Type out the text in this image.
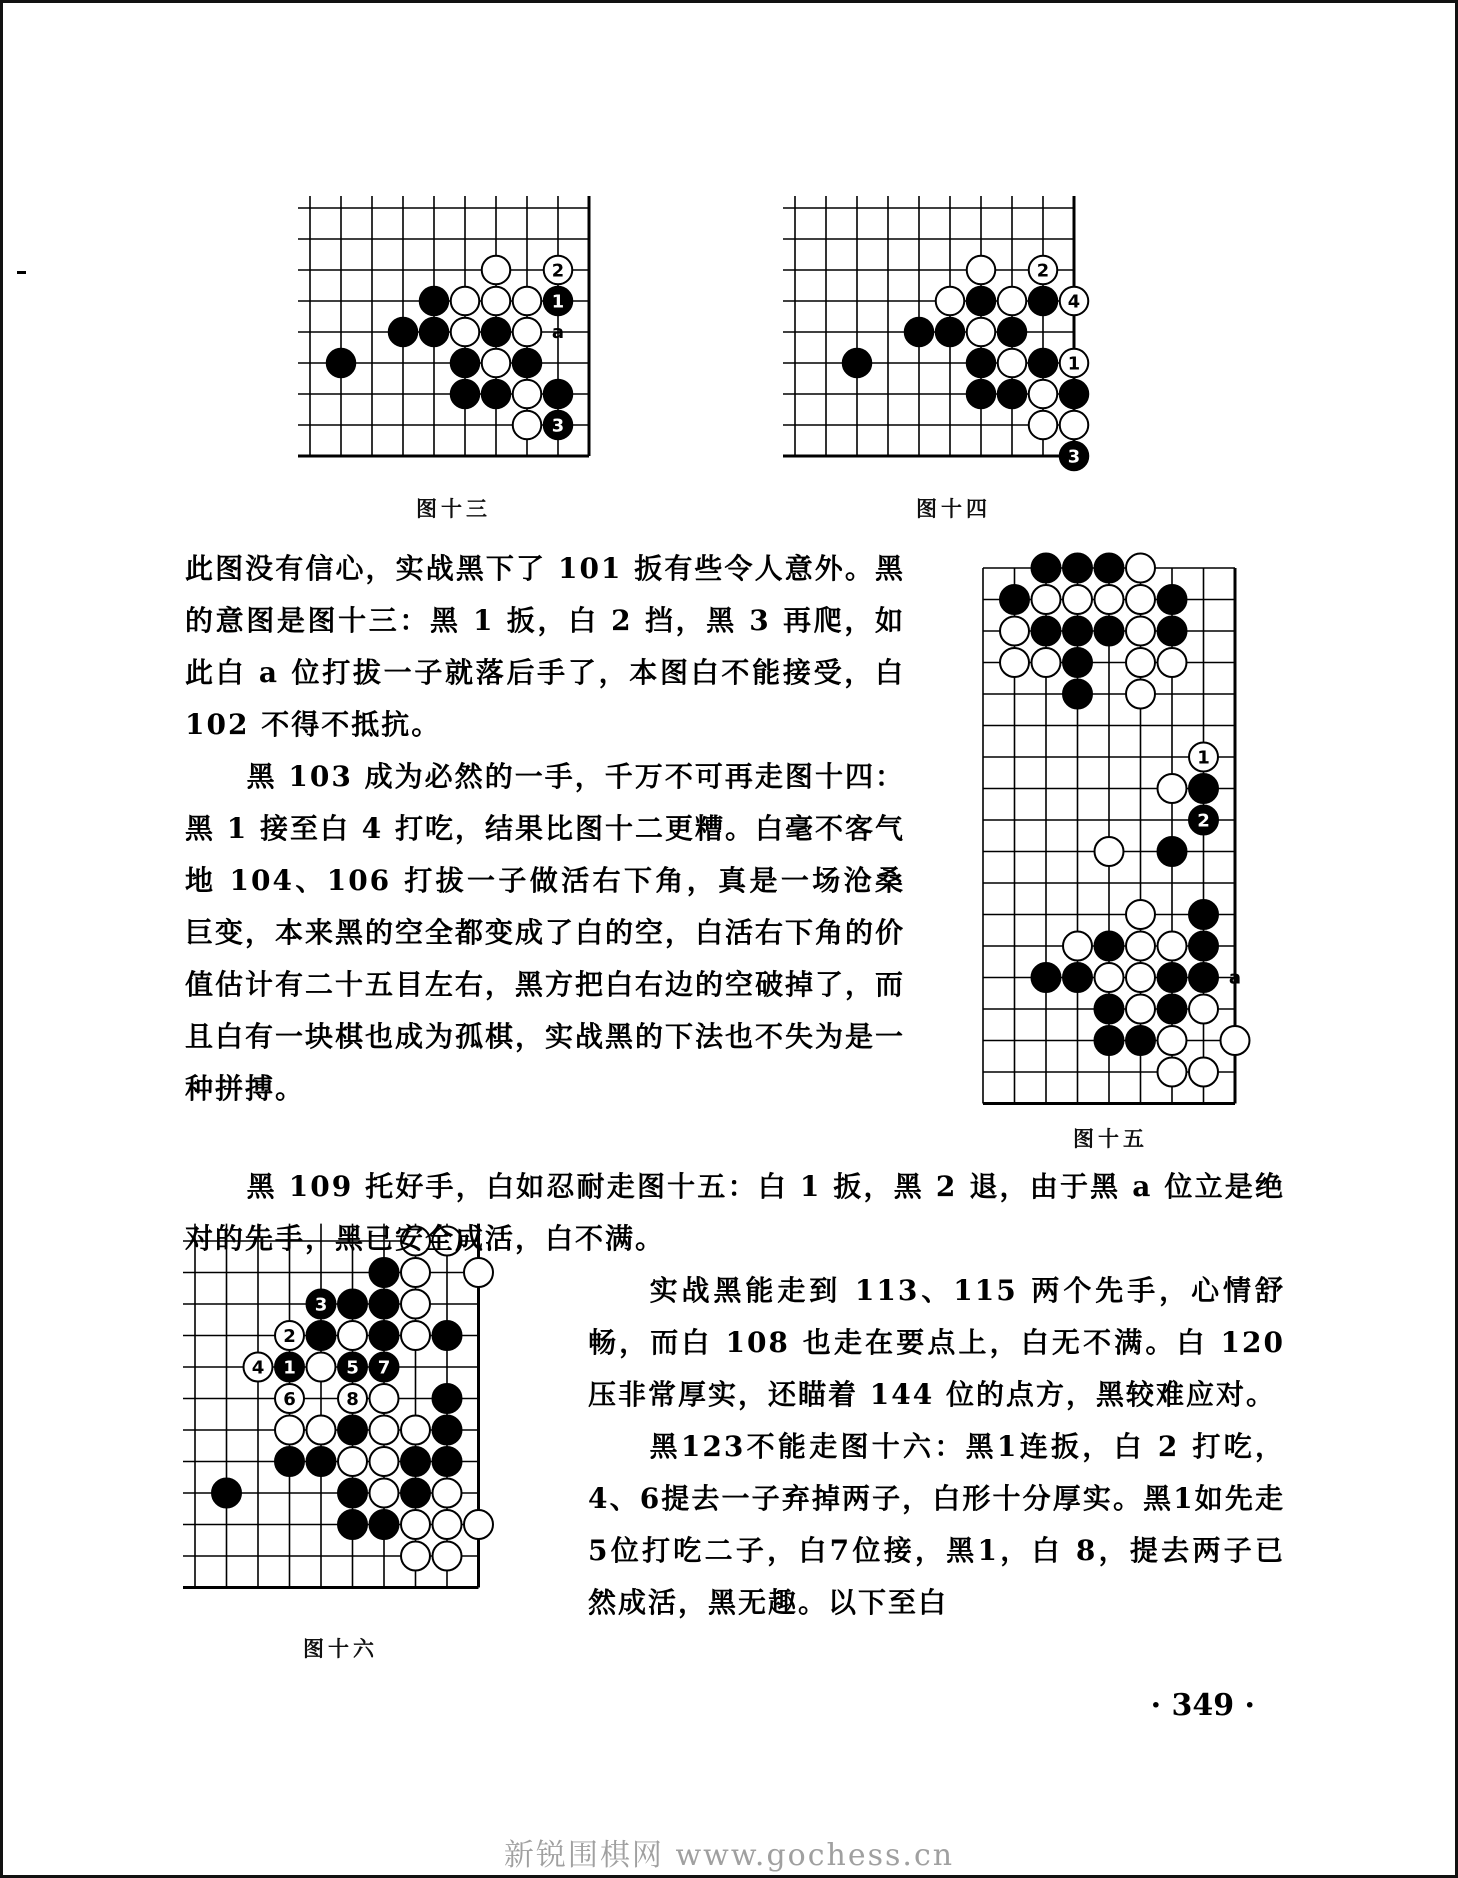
2
1
3
a
图十三
2
4
1
3
图十四
1
2
a
图十五
3
2
4 1	5 7
6	8
图十六

此图没有信心，实战黑下了 101 扳有些令人意外。黑的意图是图十三：黑 1 扳，白 2 挡，黑 3 再爬，如此白 a 位打拔一子就落后手了，本图白不能接受，白 102 不得不抵抗。

黑 103 成为必然的一手，千万不可再走图十四：黑 1 接至白 4 打吃，结果比图十二更糟。白毫不客气地 104、106 打拔一子做活右下角，真是一场沧桑巨变，本来黑的空全都变成了白的空，白活右下角的价值估计有二十五目左右，黑方把白右边的空破掉了，而且白有一块棋也成为孤棋，实战黑的下法也不失为是一种拼搏。

黑 109 托好手，白如忍耐走图十五：白 1 扳，黑 2 退，由于黑 a 位立是绝对的先手，黑已安全成活，白不满。

实战黑能走到 113、115 两个先手，心情舒畅，而白 108 也走在要点上，白无不满。白 120 压非常厚实，还瞄着 144 位的点方，黑较难应对。

黑123不能走图十六：黑1连扳，白 2 打吃，4、6提去一子弃掉两子，白形十分厚实。黑1如先走5位打吃二子，白7位接，黑1，白 8，提去两子已然成活，黑无趣。以下至白

· 349 ·
新锐围棋网 www.gochess.cn
